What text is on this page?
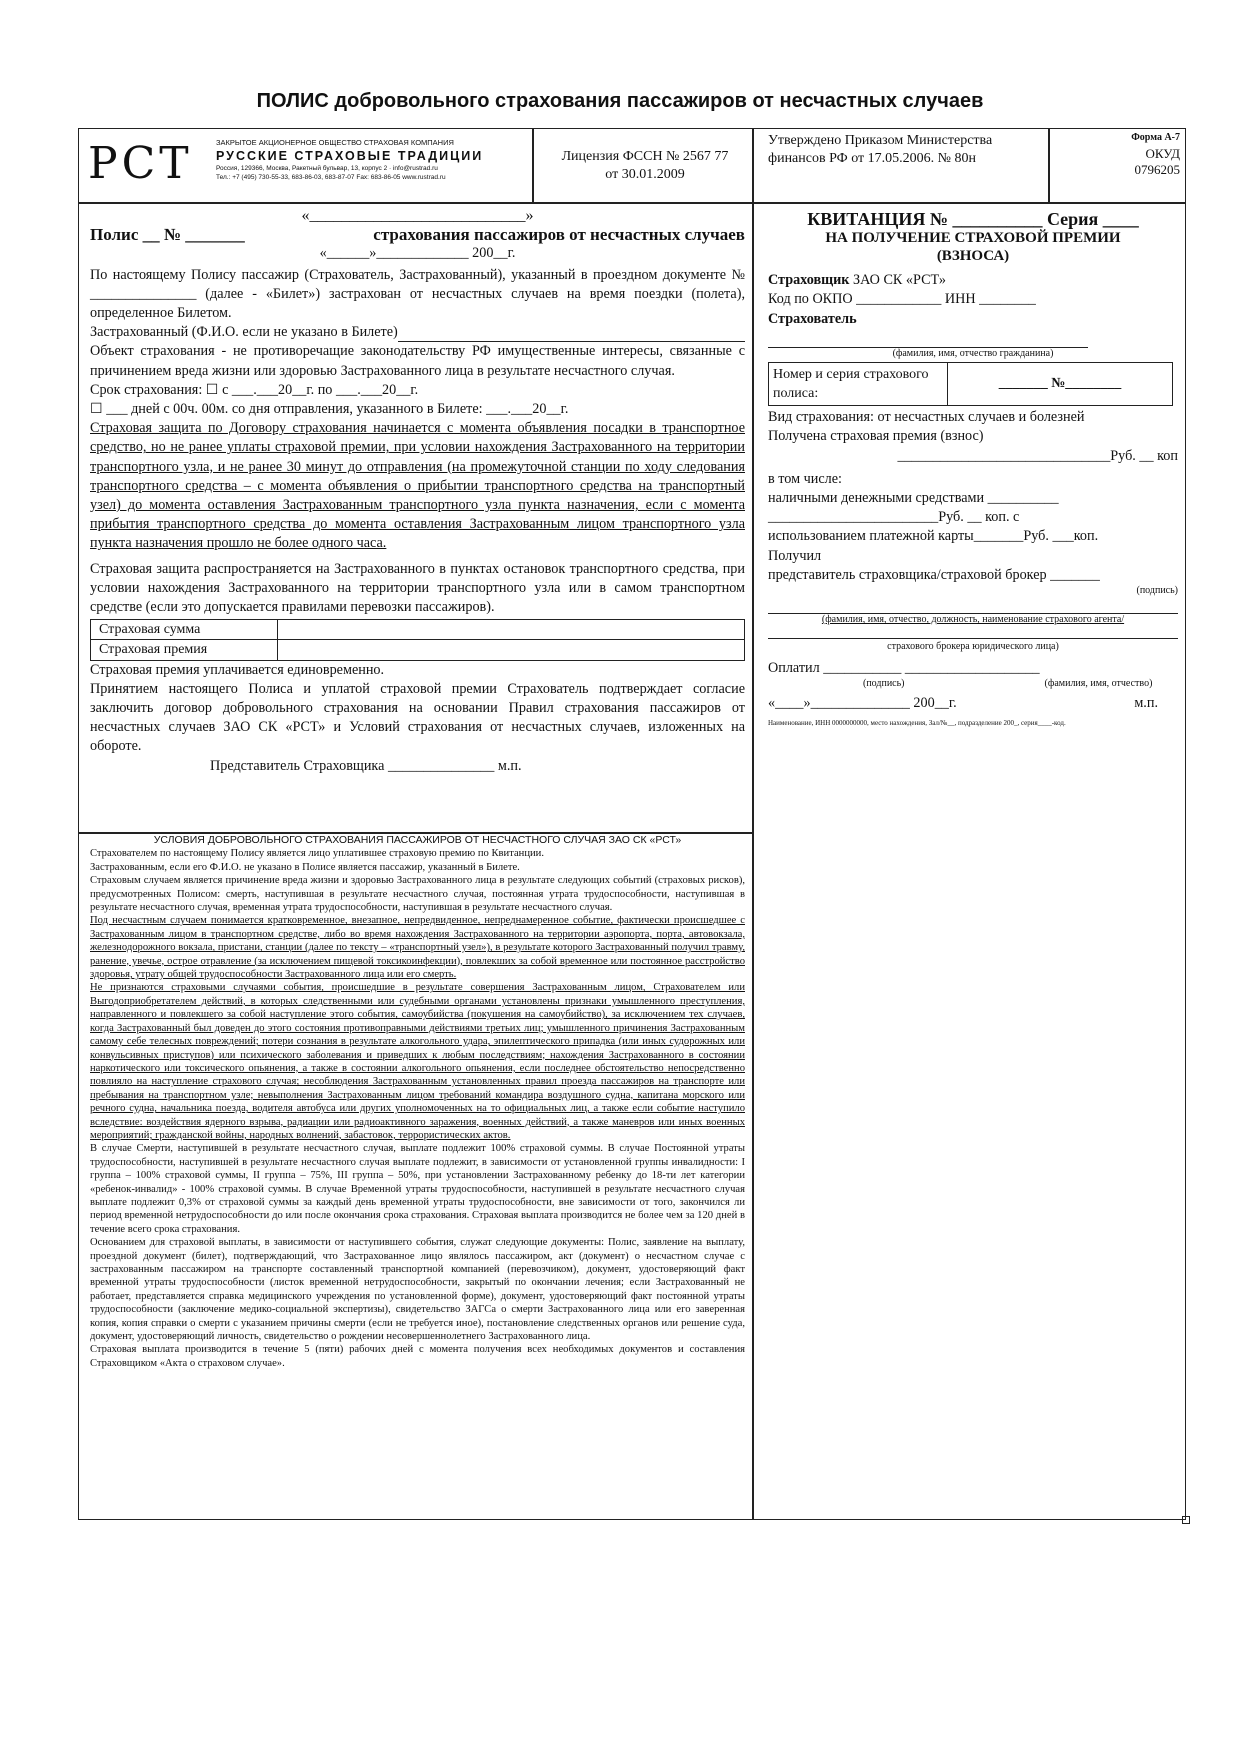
ПОЛИС добровольного страхования пассажиров от несчастных случаев
РСТ	ЗАКРЫТОЕ АКЦИОНЕРНОЕ ОБЩЕСТВО СТРАХОВАЯ КОМПАНИЯ
РУССКИЕ СТРАХОВЫЕ ТРАДИЦИИ
Россия, 129366, Москва, Ракетный бульвар, 13, корпус 2 · info@rustrad.ru
Тел.: +7 (495) 730-55-33, 683-86-03, 683-87-07 Fax: 683-86-05 www.rustrad.ru
Лицензия ФССН № 2567 77
от 30.01.2009
Утверждено Приказом Министерства
финансов РФ от 17.05.2006. № 80н
Форма А-7
ОКУД
0796205
«___________________________»
Полис __ № _______	страхования пассажиров от несчастных случаев
«______»_____________ 200__г.
По настоящему Полису пассажир (Страхователь, Застрахованный), указанный в проездном документе № _______________ (далее - «Билет») застрахован от несчастных случаев на время поездки (полета), определенное Билетом.
Застрахованный (Ф.И.О. если не указано в Билете)
Объект страхования - не противоречащие законодательству РФ имущественные интересы, связанные с причинением вреда жизни или здоровью Застрахованного лица в результате несчастного случая.
Срок страхования: ☐ с ___.___20__г. по ___.___20__г.
☐ ___ дней с 00ч. 00м. со дня отправления, указанного в Билете: ___.___20__г.
Страховая защита по Договору страхования начинается с момента объявления посадки в транспортное средство, но не ранее уплаты страховой премии, при условии нахождения Застрахованного на территории транспортного узла, и не ранее 30 минут до отправления (на промежуточной станции по ходу следования транспортного средства – с момента объявления о прибытии транспортного средства на транспортный узел) до момента оставления Застрахованным транспортного узла пункта назначения, если с момента прибытия транспортного средства до момента оставления Застрахованным лицом транспортного узла пункта назначения прошло не более одного часа.
Страховая защита распространяется на Застрахованного в пунктах остановок транспортного средства, при условии нахождения Застрахованного на территории транспортного узла или в самом транспортном средстве (если это допускается правилами перевозки пассажиров).
Страховая сумма	
Страховая премия	
Страховая премия уплачивается единовременно.
Принятием настоящего Полиса и уплатой страховой премии Страхователь подтверждает согласие заключить договор добровольного страхования на основании Правил страхования пассажиров от несчастных случаев ЗАО СК «РСТ» и Условий страхования от несчастных случаев, изложенных на обороте.
Представитель Страховщика _______________ м.п.
УСЛОВИЯ ДОБРОВОЛЬНОГО СТРАХОВАНИЯ ПАССАЖИРОВ ОТ НЕСЧАСТНОГО СЛУЧАЯ ЗАО СК «РСТ»

Страхователем по настоящему Полису является лицо уплатившее страховую премию по Квитанции.

Застрахованным, если его Ф.И.О. не указано в Полисе является пассажир, указанный в Билете.

Страховым случаем является причинение вреда жизни и здоровью Застрахованного лица в результате следующих событий (страховых рисков), предусмотренных Полисом: смерть, наступившая в результате несчастного случая, постоянная утрата трудоспособности, наступившая в результате несчастного случая, временная утрата трудоспособности, наступившая в результате несчастного случая.

Под несчастным случаем понимается кратковременное, внезапное, непредвиденное, непреднамеренное событие, фактически происшедшее с Застрахованным лицом в транспортном средстве, либо во время нахождения Застрахованного на территории аэропорта, порта, автовокзала, железнодорожного вокзала, пристани, станции (далее по тексту – «транспортный узел»), в результате которого Застрахованный получил травму, ранение, увечье, острое отравление (за исключением пищевой токсикоинфекции), повлекших за собой временное или постоянное расстройство здоровья, утрату общей трудоспособности Застрахованного лица или его смерть.

Не признаются страховыми случаями события, происшедшие в результате совершения Застрахованным лицом, Страхователем или Выгодоприобретателем действий, в которых следственными или судебными органами установлены признаки умышленного преступления, направленного и повлекшего за собой наступление этого события, самоубийства (покушения на самоубийство), за исключением тех случаев, когда Застрахованный был доведен до этого состояния противоправными действиями третьих лиц; умышленного причинения Застрахованным самому себе телесных повреждений; потери сознания в результате алкогольного удара, эпилептического припадка (или иных судорожных или конвульсивных приступов) или психического заболевания и приведших к любым последствиям; нахождения Застрахованного в состоянии наркотического или токсического опьянения, а также в состоянии алкогольного опьянения, если последнее обстоятельство непосредственно повлияло на наступление страхового случая; несоблюдения Застрахованным установленных правил проезда пассажиров на транспорте или пребывания на транспортном узле; невыполнения Застрахованным лицом требований командира воздушного судна, капитана морского или речного судна, начальника поезда, водителя автобуса или других уполномоченных на то официальных лиц, а также если событие наступило вследствие: воздействия ядерного взрыва, радиации или радиоактивного заражения, военных действий, а также маневров или иных военных мероприятий; гражданской войны, народных волнений, забастовок, террористических актов.

В случае Смерти, наступившей в результате несчастного случая, выплате подлежит 100% страховой суммы. В случае Постоянной утраты трудоспособности, наступившей в результате несчастного случая выплате подлежит, в зависимости от установленной группы инвалидности: I группа – 100% страховой суммы, II группа – 75%, III группа – 50%, при установлении Застрахованному ребенку до 18-ти лет категории «ребенок-инвалид» - 100% страховой суммы. В случае Временной утраты трудоспособности, наступившей в результате несчастного случая выплате подлежит 0,3% от страховой суммы за каждый день временной утраты трудоспособности, вне зависимости от того, закончился ли период временной нетрудоспособности до или после окончания срока страхования. Страховая выплата производится не более чем за 120 дней в течение всего срока страхования.

Основанием для страховой выплаты, в зависимости от наступившего события, служат следующие документы: Полис, заявление на выплату, проездной документ (билет), подтверждающий, что Застрахованное лицо являлось пассажиром, акт (документ) о несчастном случае с застрахованным пассажиром на транспорте составленный транспортной компанией (перевозчиком), документ, удостоверяющий факт временной утраты трудоспособности (листок временной нетрудоспособности, закрытый по окончании лечения; если Застрахованный не работает, представляется справка медицинского учреждения по установленной форме), документ, удостоверяющий факт постоянной утраты трудоспособности (заключение медико-социальной экспертизы), свидетельство ЗАГСа о смерти Застрахованного лица или его заверенная копия, копия справки о смерти с указанием причины смерти (если не требуется иное), постановление следственных органов или решение суда, документ, удостоверяющий личность, свидетельство о рождении несовершеннолетнего Застрахованного лица.

Страховая выплата производится в течение 5 (пяти) рабочих дней с момента получения всех необходимых документов и составления Страховщиком «Акта о страховом случае».

КВИТАНЦИЯ № __________ Серия ____
НА ПОЛУЧЕНИЕ СТРАХОВОЙ ПРЕМИИ
(ВЗНОСА)
Страховщик ЗАО СК «РСТ»
Код по ОКПО ____________ ИНН ________
Страхователь
(фамилия, имя, отчество гражданина)
Номер и серия страхового полиса:	_______ №________
Вид страхования: от несчастных случаев и болезней
Получена страховая премия (взнос)
______________________________Руб. __ коп
в том числе:
наличными денежными средствами __________
________________________Руб. __ коп. с
использованием платежной карты_______Руб. ___коп.
Получил
представитель страховщика/страховой брокер _______
(подпись)
(фамилия, имя, отчество, должность, наименование страхового агента/
страхового брокера юридического лица)
Оплатил ___________ ___________________
(подпись)	(фамилия, имя, отчество)
«____»______________ 200__г.	м.п.
Наименование, ИНН 0000000000, место нахождения, Зал/№__, подразделение 200_, серия____-код.
